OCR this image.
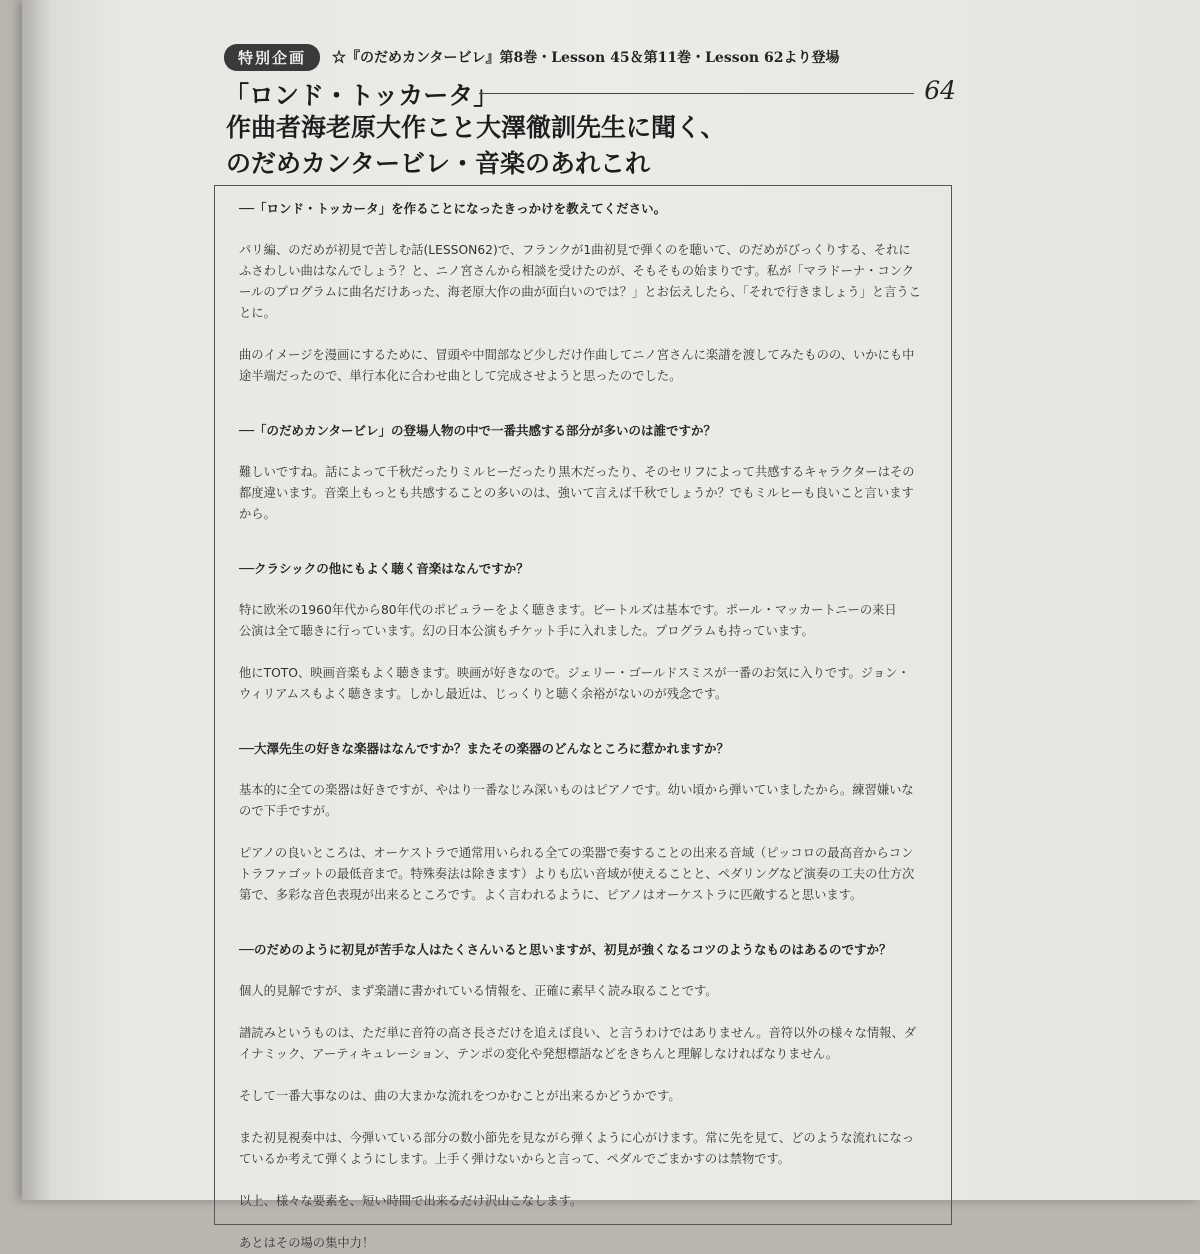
特別企画	☆『のだめカンタービレ』第8巻・Lesson 45＆第11巻・Lesson 62より登場
「ロンド・トッカータ」	64
作曲者海老原大作こと大澤徹訓先生に聞く、
のだめカンタービレ・音楽のあれこれ

──「ロンド・トッカータ」を作ることになったきっかけを教えてください。

パリ編、のだめが初見で苦しむ話(LESSON62)で、フランクが1曲初見で弾くのを聴いて、のだめがびっくりする、それに

ふさわしい曲はなんでしょう？と、ニノ宮さんから相談を受けたのが、そもそもの始まりです。私が「マラドーナ・コンク

ールのプログラムに曲名だけあった、海老原大作の曲が面白いのでは？」とお伝えしたら、「それで行きましょう」と言うこ

とに。

曲のイメージを漫画にするために、冒頭や中間部など少しだけ作曲してニノ宮さんに楽譜を渡してみたものの、いかにも中

途半端だったので、単行本化に合わせ曲として完成させようと思ったのでした。

──「のだめカンタービレ」の登場人物の中で一番共感する部分が多いのは誰ですか？

難しいですね。話によって千秋だったりミルヒーだったり黒木だったり、そのセリフによって共感するキャラクターはその

都度違います。音楽上もっとも共感することの多いのは、強いて言えば千秋でしょうか？でもミルヒーも良いこと言います

から。

──クラシックの他にもよく聴く音楽はなんですか？

特に欧米の1960年代から80年代のポピュラーをよく聴きます。ビートルズは基本です。ポール・マッカートニーの来日

公演は全て聴きに行っています。幻の日本公演もチケット手に入れました。プログラムも持っています。

他にTOTO、映画音楽もよく聴きます。映画が好きなので。ジェリー・ゴールドスミスが一番のお気に入りです。ジョン・

ウィリアムスもよく聴きます。しかし最近は、じっくりと聴く余裕がないのが残念です。

──大澤先生の好きな楽器はなんですか？またその楽器のどんなところに惹かれますか？

基本的に全ての楽器は好きですが、やはり一番なじみ深いものはピアノです。幼い頃から弾いていましたから。練習嫌いな

ので下手ですが。

ピアノの良いところは、オーケストラで通常用いられる全ての楽器で奏することの出来る音域（ピッコロの最高音からコン

トラファゴットの最低音まで。特殊奏法は除きます）よりも広い音域が使えることと、ペダリングなど演奏の工夫の仕方次

第で、多彩な音色表現が出来るところです。よく言われるように、ピアノはオーケストラに匹敵すると思います。

──のだめのように初見が苦手な人はたくさんいると思いますが、初見が強くなるコツのようなものはあるのですか？

個人的見解ですが、まず楽譜に書かれている情報を、正確に素早く読み取ることです。

譜読みというものは、ただ単に音符の高さ長さだけを追えば良い、と言うわけではありません。音符以外の様々な情報、ダ

イナミック、アーティキュレーション、テンポの変化や発想標語などをきちんと理解しなければなりません。

そして一番大事なのは、曲の大まかな流れをつかむことが出来るかどうかです。

また初見視奏中は、今弾いている部分の数小節先を見ながら弾くように心がけます。常に先を見て、どのような流れになっ

ているか考えて弾くようにします。上手く弾けないからと言って、ペダルでごまかすのは禁物です。

以上、様々な要素を、短い時間で出来るだけ沢山こなします。

あとはその場の集中力！
